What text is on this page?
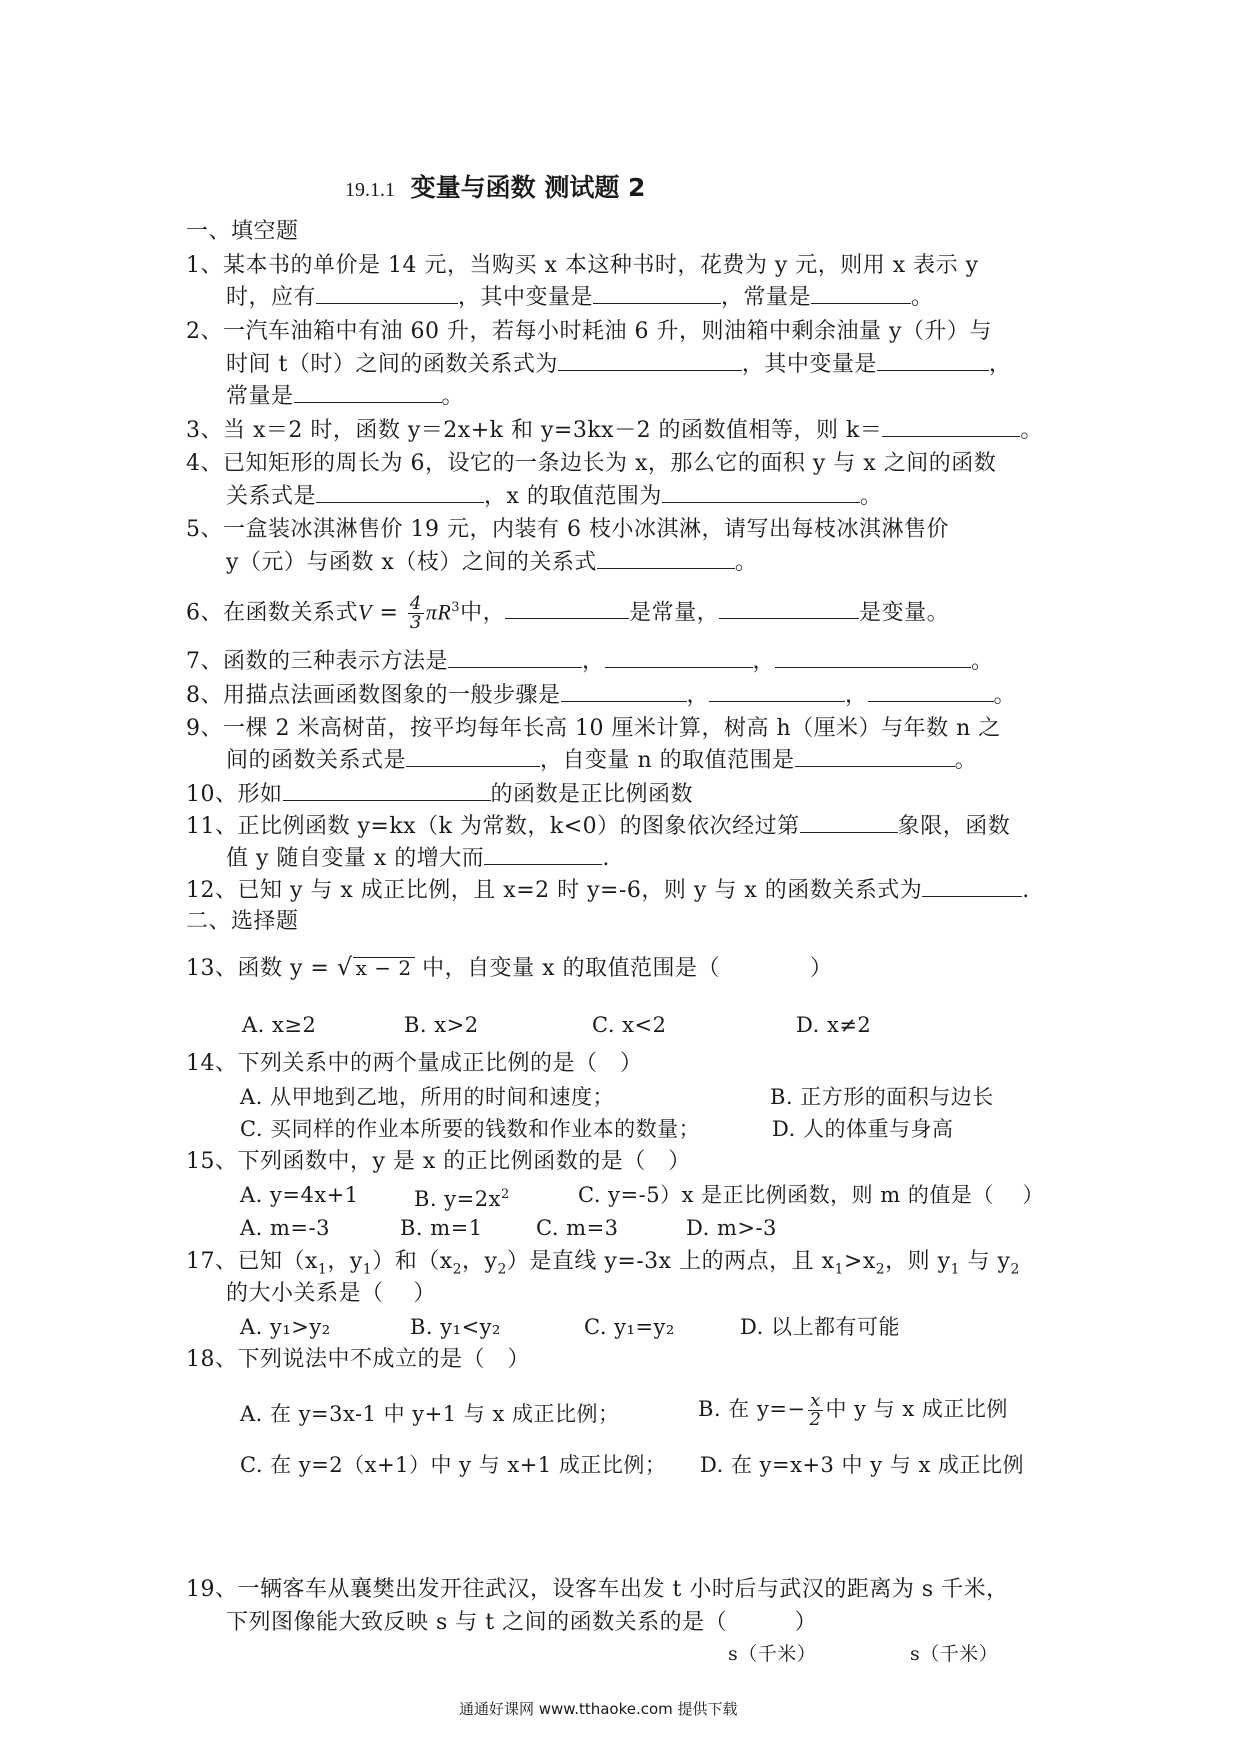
19.1.1 变量与函数 测试题 2
一、填空题
1、某本书的单价是 14 元，当购买 x 本这种书时，花费为 y 元，则用 x 表示 y
时，应有	，其中变量是	，常量是	。
2、一汽车油箱中有油 60 升，若每小时耗油 6 升，则油箱中剩余油量 y（升）与
时间 t（时）之间的函数关系式为	，其中变量是	，
常量是	。
3、当 x＝2 时，函数 y＝2x+k 和 y=3kx－2 的函数值相等，则 k＝	。
4、已知矩形的周长为 6，设它的一条边长为 x，那么它的面积 y 与 x 之间的函数
关系式是	，x 的取值范围为	。
5、一盒装冰淇淋售价 19 元，内装有 6 枝小冰淇淋，请写出每枝冰淇淋售价
y（元）与函数 x（枝）之间的关系式	。
6、在函数关系式$V = \frac{4}{3} \pi R^3$中，	是常量，	是变量。
7、函数的三种表示方法是	，	，	。
8、用描点法画函数图象的一般步骤是	，	，	。
9、一棵 2 米高树苗，按平均每年长高 10 厘米计算，树高 h（厘米）与年数 n 之
间的函数关系式是	，自变量 n 的取值范围是	。
10、形如	的函数是正比例函数
11、正比例函数 y=kx（k 为常数，k<0）的图象依次经过第	象限，函数
值 y 随自变量 x 的增大而	.
12、已知 y 与 x 成正比例，且 x=2 时 y=-6，则 y 与 x 的函数关系式为	.
二、选择题
13、函数 y = √ x − 2 中，自变量 x 的取值范围是（　　　　）
A. x≥2	B. x>2	C. x<2	D. x≠2
14、下列关系中的两个量成正比例的是（　）
A. 从甲地到乙地，所用的时间和速度；	B. 正方形的面积与边长
C. 买同样的作业本所要的钱数和作业本的数量；	D. 人的体重与身高
15、下列函数中，y 是 x 的正比例函数的是（　）
A. y=4x+1	B. $y=2x^2$	C. y=-5）x 是正比例函数，则 m 的值是（　 ）
A. m=-3	B. m=1	C. m=3	D. m>-3
17、已知（$x_1$，$y_1$）和（$x_2$，$y_2$）是直线 y=-3x 上的两点，且 $x_1>x_2$，则 $y_1$ 与 $y_2$
的大小关系是（　 ）
A. y₁>y₂	B. y₁<y₂	C. y₁=y₂	D. 以上都有可能
18、下列说法中不成立的是（　）
A. 在 y=3x-1 中 y+1 与 x 成正比例；	B. 在 $y=- \frac{x}{2}$ 中 y 与 x 成正比例
C. 在 y=2（x+1）中 y 与 x+1 成正比例； D. 在 y=x+3 中 y 与 x 成正比例
19、一辆客车从襄樊出发开往武汉，设客车出发 t 小时后与武汉的距离为 s 千米，
下列图像能大致反映 s 与 t 之间的函数关系的是（　　　）
s（千米）	s（千米）
通通好课网 www.tthaoke.com 提供下载
